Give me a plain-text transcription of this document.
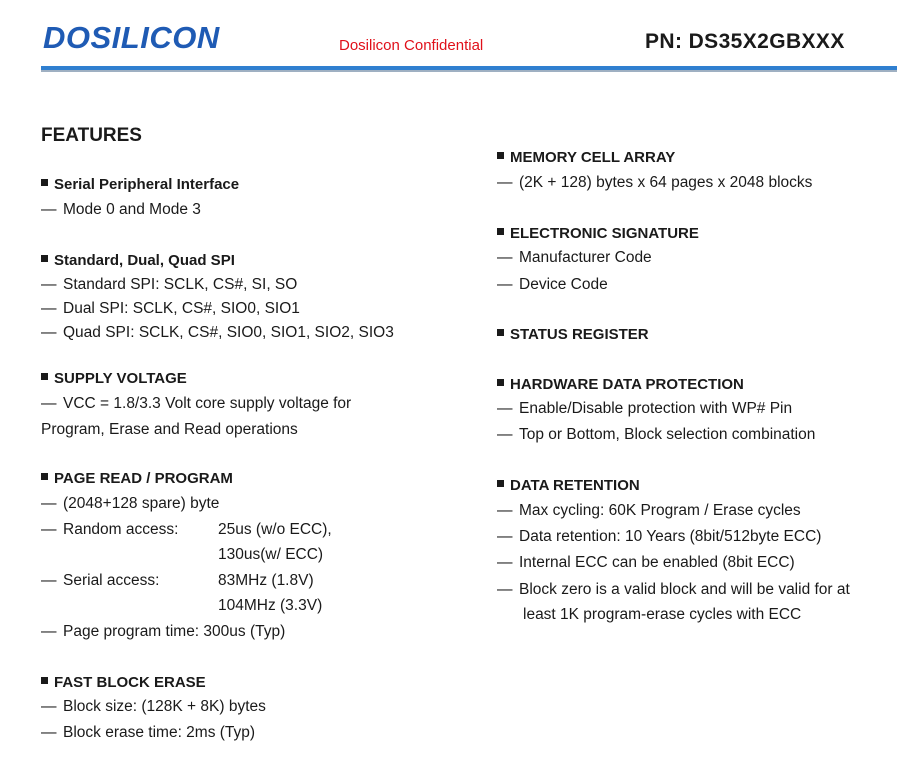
DOSILICON	Dosilicon Confidential	PN: DS35X2GBXXX
FEATURES
Serial Peripheral Interface
— Mode 0 and Mode 3
Standard, Dual, Quad SPI
— Standard SPI: SCLK, CS#, SI, SO
— Dual SPI: SCLK, CS#, SIO0, SIO1
— Quad SPI: SCLK, CS#, SIO0, SIO1, SIO2, SIO3
SUPPLY VOLTAGE
— VCC = 1.8/3.3 Volt core supply voltage for
Program, Erase and Read operations
PAGE READ / PROGRAM
— (2048+128 spare) byte
— Random access:	25us (w/o ECC),
130us(w/ ECC)
— Serial access:	83MHz (1.8V)
104MHz (3.3V)
— Page program time: 300us (Typ)
FAST BLOCK ERASE
— Block size: (128K + 8K) bytes
— Block erase time: 2ms (Typ)
MEMORY CELL ARRAY
— (2K + 128) bytes x 64 pages x 2048 blocks
ELECTRONIC SIGNATURE
— Manufacturer Code
— Device Code
STATUS REGISTER
HARDWARE DATA PROTECTION
— Enable/Disable protection with WP# Pin
— Top or Bottom, Block selection combination
DATA RETENTION
— Max cycling: 60K Program / Erase cycles
— Data retention: 10 Years (8bit/512byte ECC)
— Internal ECC can be enabled (8bit ECC)
— Block zero is a valid block and will be valid for at
least 1K program-erase cycles with ECC
